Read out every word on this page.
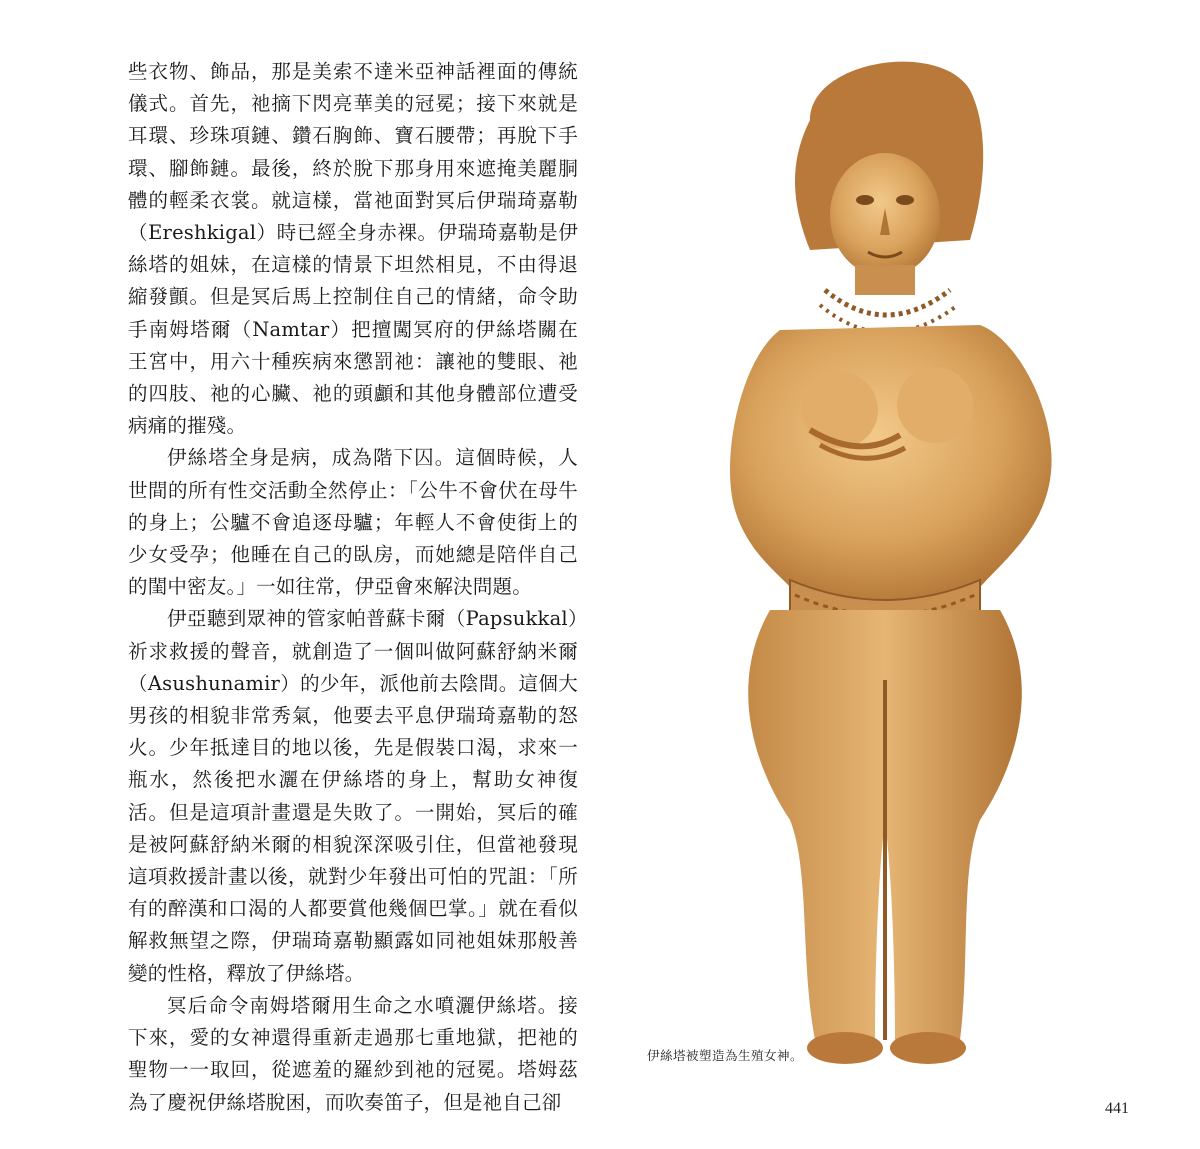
些衣物、飾品，那是美索不達米亞神話裡面的傳統儀式。首先，祂摘下閃亮華美的冠冕；接下來就是耳環、珍珠項鏈、鑽石胸飾、寶石腰帶；再脫下手環、腳飾鏈。最後，終於脫下那身用來遮掩美麗胴體的輕柔衣裳。就這樣，當祂面對冥后伊瑞琦嘉勒（Ereshkigal）時已經全身赤裸。伊瑞琦嘉勒是伊絲塔的姐妹，在這樣的情景下坦然相見，不由得退縮發顫。但是冥后馬上控制住自己的情緒，命令助手南姆塔爾（Namtar）把擅闖冥府的伊絲塔關在王宮中，用六十種疾病來懲罰祂：讓祂的雙眼、祂的四肢、祂的心臟、祂的頭顱和其他身體部位遭受病痛的摧殘。

伊絲塔全身是病，成為階下囚。這個時候，人世間的所有性交活動全然停止：「公牛不會伏在母牛的身上；公驢不會追逐母驢；年輕人不會使街上的少女受孕；他睡在自己的臥房，而她總是陪伴自己的閨中密友。」一如往常，伊亞會來解決問題。

伊亞聽到眾神的管家帕普蘇卡爾（Papsukkal）祈求救援的聲音，就創造了一個叫做阿蘇舒納米爾（Asushunamir）的少年，派他前去陰間。這個大男孩的相貌非常秀氣，他要去平息伊瑞琦嘉勒的怒火。少年抵達目的地以後，先是假裝口渴，求來一瓶水，然後把水灑在伊絲塔的身上，幫助女神復活。但是這項計畫還是失敗了。一開始，冥后的確是被阿蘇舒納米爾的相貌深深吸引住，但當祂發現這項救援計畫以後，就對少年發出可怕的咒詛：「所有的醉漢和口渴的人都要賞他幾個巴掌。」就在看似解救無望之際，伊瑞琦嘉勒顯露如同祂姐妹那般善變的性格，釋放了伊絲塔。

冥后命令南姆塔爾用生命之水噴灑伊絲塔。接下來，愛的女神還得重新走過那七重地獄，把祂的聖物一一取回，從遮羞的羅紗到祂的冠冕。塔姆茲為了慶祝伊絲塔脫困，而吹奏笛子，但是祂自己卻

伊絲塔被塑造為生殖女神。
441
